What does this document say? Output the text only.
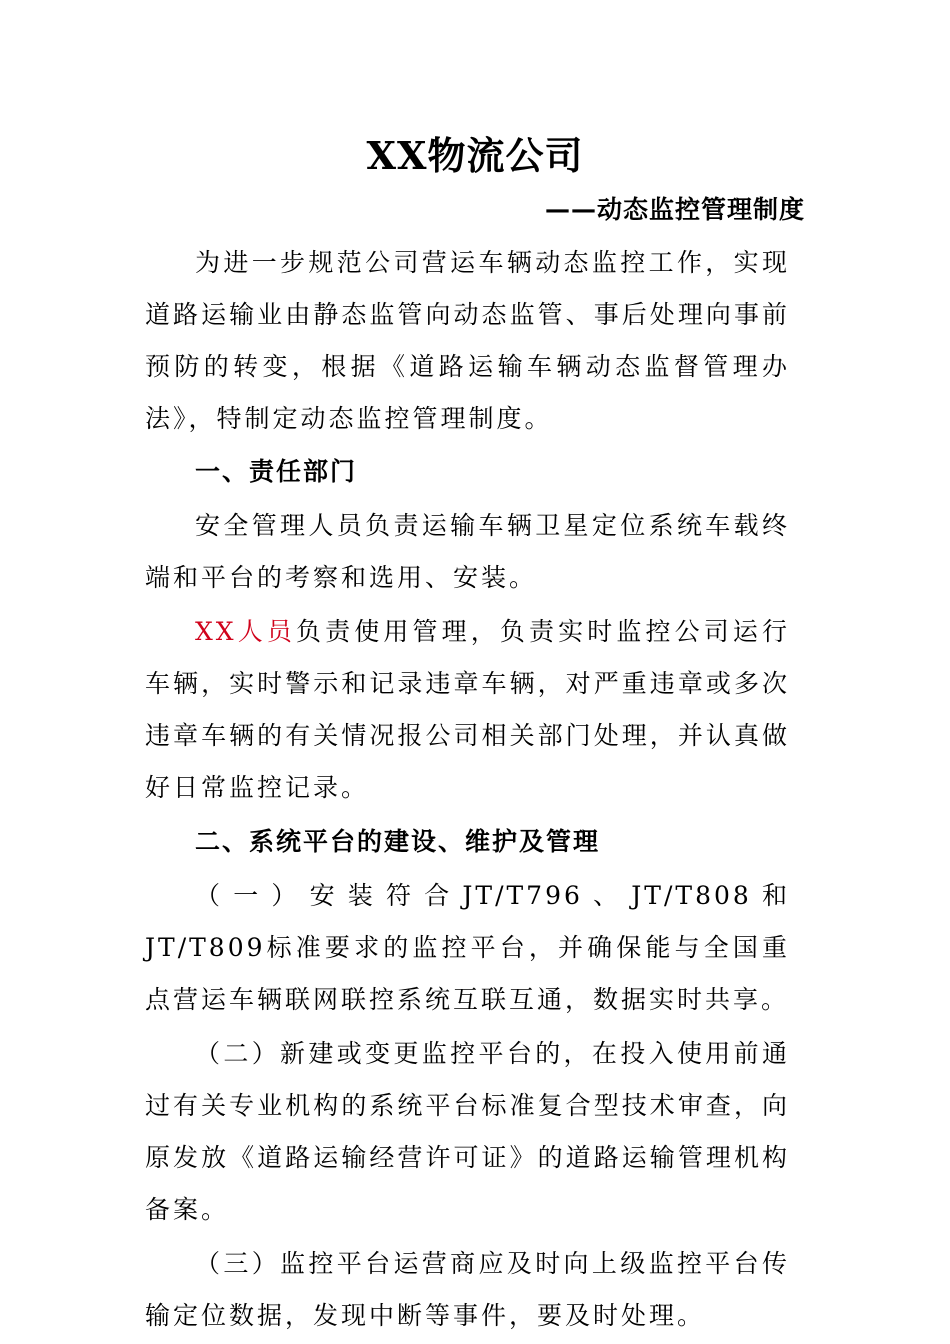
XX物流公司
——动态监控管理制度

为进一步规范公司营运车辆动态监控工作，实现道路运输业由静态监管向动态监管、事后处理向事前预防的转变，根据《道路运输车辆动态监督管理办法》，特制定动态监控管理制度。

一、责任部门

安全管理人员负责运输车辆卫星定位系统车载终端和平台的考察和选用、安装。

XX人员负责使用管理，负责实时监控公司运行车辆，实时警示和记录违章车辆，对严重违章或多次违章车辆的有关情况报公司相关部门处理，并认真做好日常监控记录。

二、系统平台的建设、维护及管理

（一）安装符合JT/T796、JT/T808和JT/T809标准要求的监控平台，并确保能与全国重点营运车辆联网联控系统互联互通，数据实时共享。

（二）新建或变更监控平台的，在投入使用前通过有关专业机构的系统平台标准复合型技术审查，向原发放《道路运输经营许可证》的道路运输管理机构备案。

（三）监控平台运营商应及时向上级监控平台传输定位数据，发现中断等事件，要及时处理。
